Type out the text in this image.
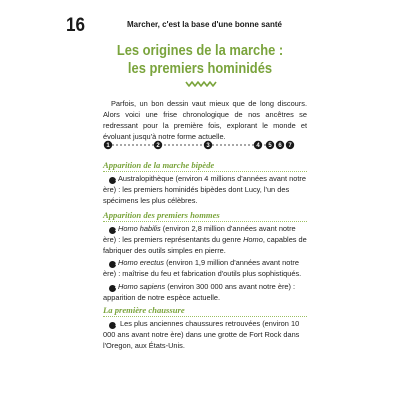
16	Marcher, c'est la base d'une bonne santé
Les origines de la marche :
les premiers hominidés
Parfois, un bon dessin vaut mieux que de long discours. Alors voici une frise chronologique de nos ancêtres se redressant pour la première fois, explorant le monde et évoluant jusqu'à notre forme actuelle.
1	2	3	4 5 6 7
Apparition de la marche bipède
1Australopithèque (environ 4 millions d'années avant notre ère) : les premiers hominidés bipèdes dont Lucy, l'un des spécimens les plus célèbres.
Apparition des premiers hommes
2Homo habilis (environ 2,8 million d'années avant notre ère) : les premiers représentants du genre Homo, capables de fabriquer des outils simples en pierre.
3Homo erectus (environ 1,9 million d'années avant notre ère) : maîtrise du feu et fabrication d'outils plus sophistiqués.
4Homo sapiens (environ 300 000 ans avant notre ère) : apparition de notre espèce actuelle.
La première chaussure
5 Les plus anciennes chaussures retrouvées (environ 10 000 ans avant notre ère) dans une grotte de Fort Rock dans l'Oregon, aux États-Unis.
